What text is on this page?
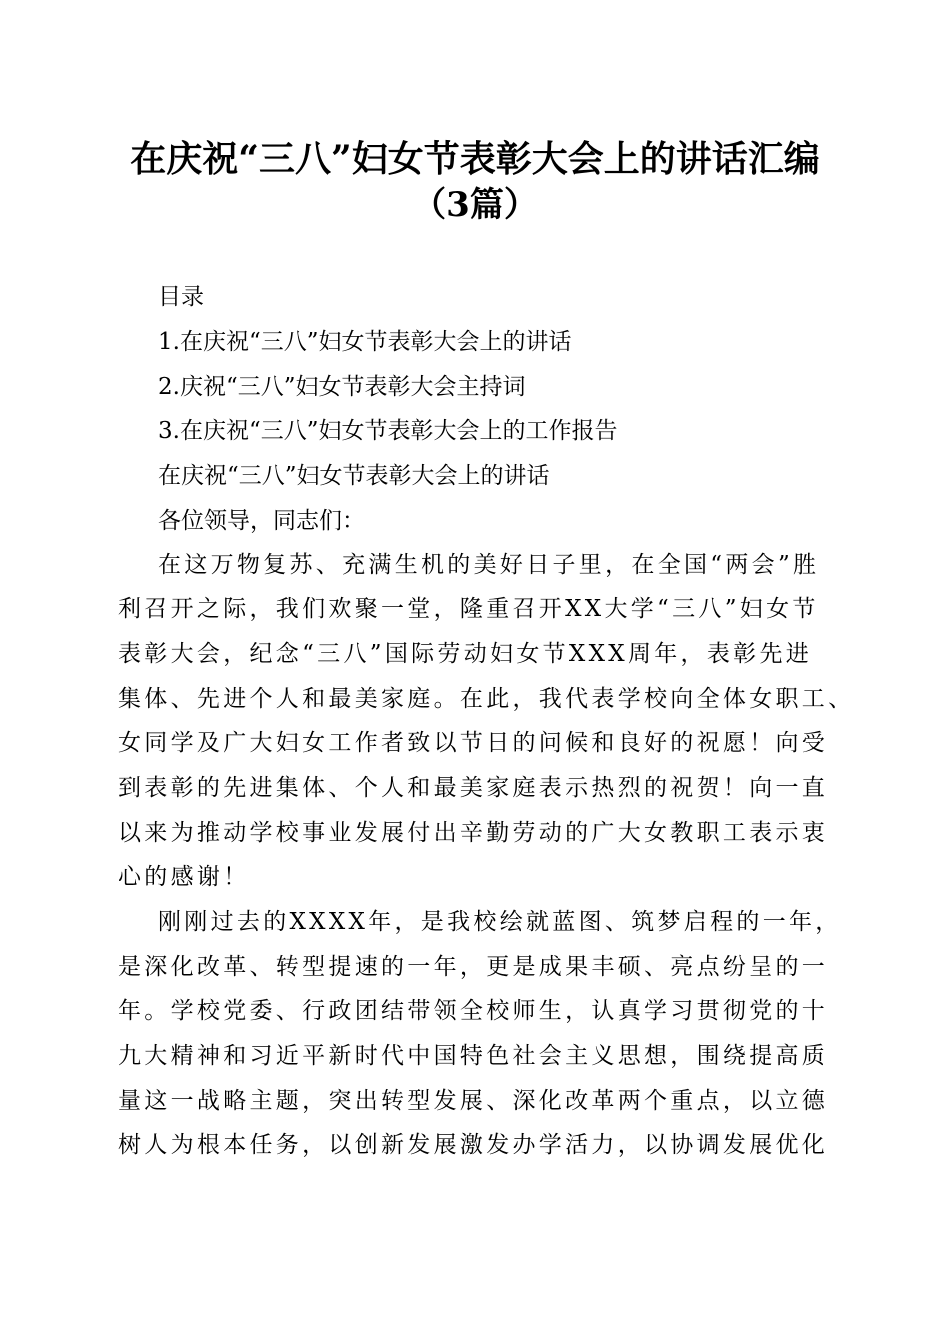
在庆祝“三八”妇女节表彰大会上的讲话汇编
（3篇）
目录
1.在庆祝“三八”妇女节表彰大会上的讲话
2.庆祝“三八”妇女节表彰大会主持词
3.在庆祝“三八”妇女节表彰大会上的工作报告
在庆祝“三八”妇女节表彰大会上的讲话
各位领导，同志们：
在这万物复苏、充满生机的美好日子里，在全国“两会”胜
利召开之际，我们欢聚一堂，隆重召开XX大学“三八”妇女节
表彰大会，纪念“三八”国际劳动妇女节XXX周年，表彰先进
集体、先进个人和最美家庭。在此，我代表学校向全体女职工、
女同学及广大妇女工作者致以节日的问候和良好的祝愿！向受
到表彰的先进集体、个人和最美家庭表示热烈的祝贺！向一直
以来为推动学校事业发展付出辛勤劳动的广大女教职工表示衷
心的感谢！
刚刚过去的XXXX年，是我校绘就蓝图、筑梦启程的一年，
是深化改革、转型提速的一年，更是成果丰硕、亮点纷呈的一
年。学校党委、行政团结带领全校师生，认真学习贯彻党的十
九大精神和习近平新时代中国特色社会主义思想，围绕提高质
量这一战略主题，突出转型发展、深化改革两个重点，以立德
树人为根本任务，以创新发展激发办学活力，以协调发展优化
